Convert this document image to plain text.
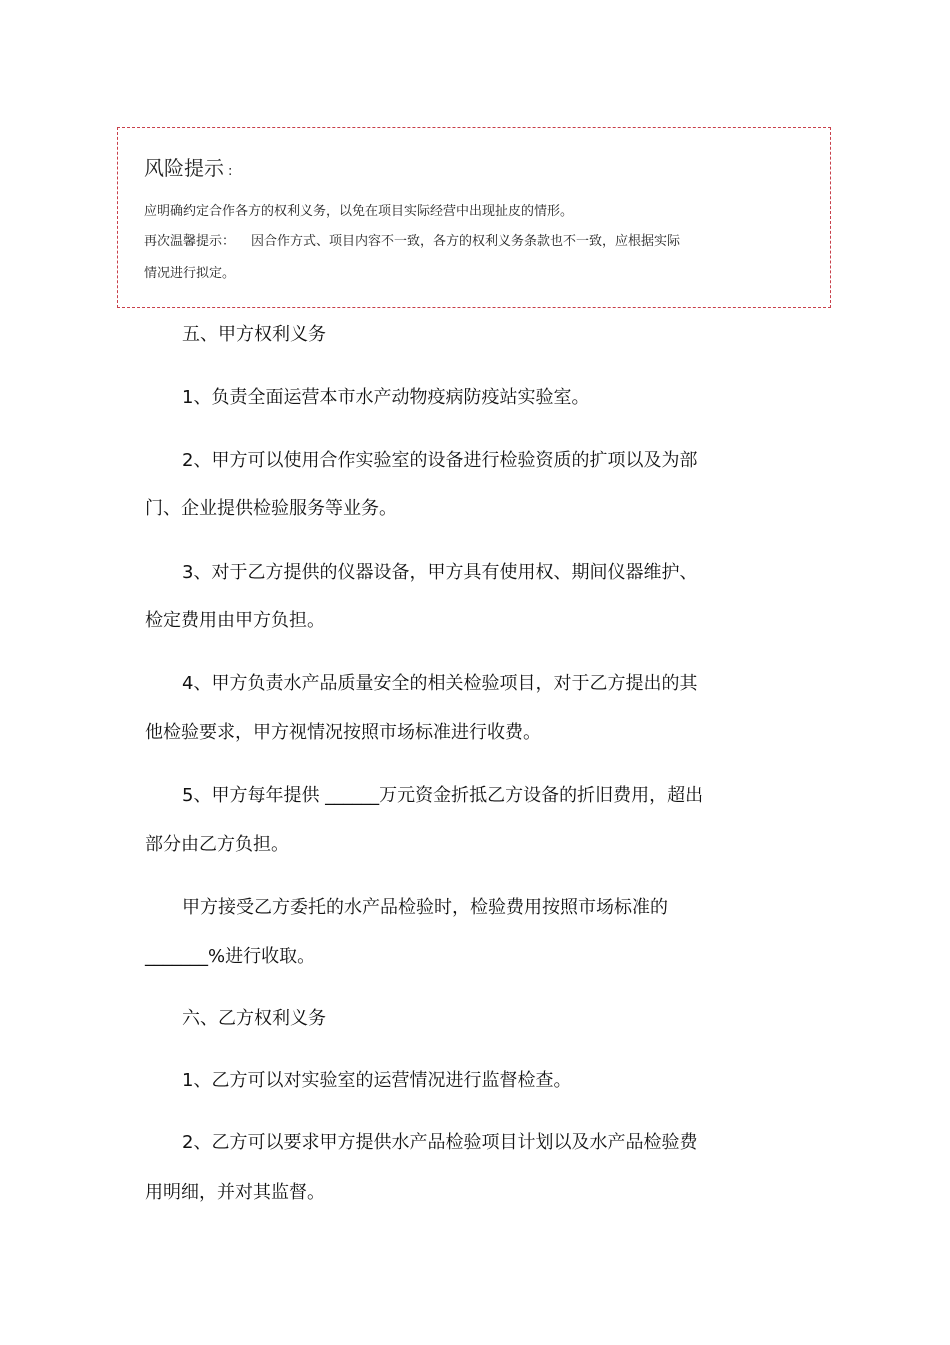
风险提示 :
应明确约定合作各方的权利义务，以免在项目实际经营中出现扯皮的情形。
再次温馨提示： 因合作方式、项目内容不一致，各方的权利义务条款也不一致，应根据实际
情况进行拟定。
五、甲方权利义务
1、负责全面运营本市水产动物疫病防疫站实验室。
2、甲方可以使用合作实验室的设备进行检验资质的扩项以及为部
门、企业提供检验服务等业务。
3、对于乙方提供的仪器设备，甲方具有使用权、期间仪器维护、
检定费用由甲方负担。
4、甲方负责水产品质量安全的相关检验项目，对于乙方提出的其
他检验要求，甲方视情况按照市场标准进行收费。
5、甲方每年提供 ______万元资金折抵乙方设备的折旧费用，超出
部分由乙方负担。
甲方接受乙方委托的水产品检验时，检验费用按照市场标准的
_______%进行收取。
六、乙方权利义务
1、乙方可以对实验室的运营情况进行监督检查。
2、乙方可以要求甲方提供水产品检验项目计划以及水产品检验费
用明细，并对其监督。
